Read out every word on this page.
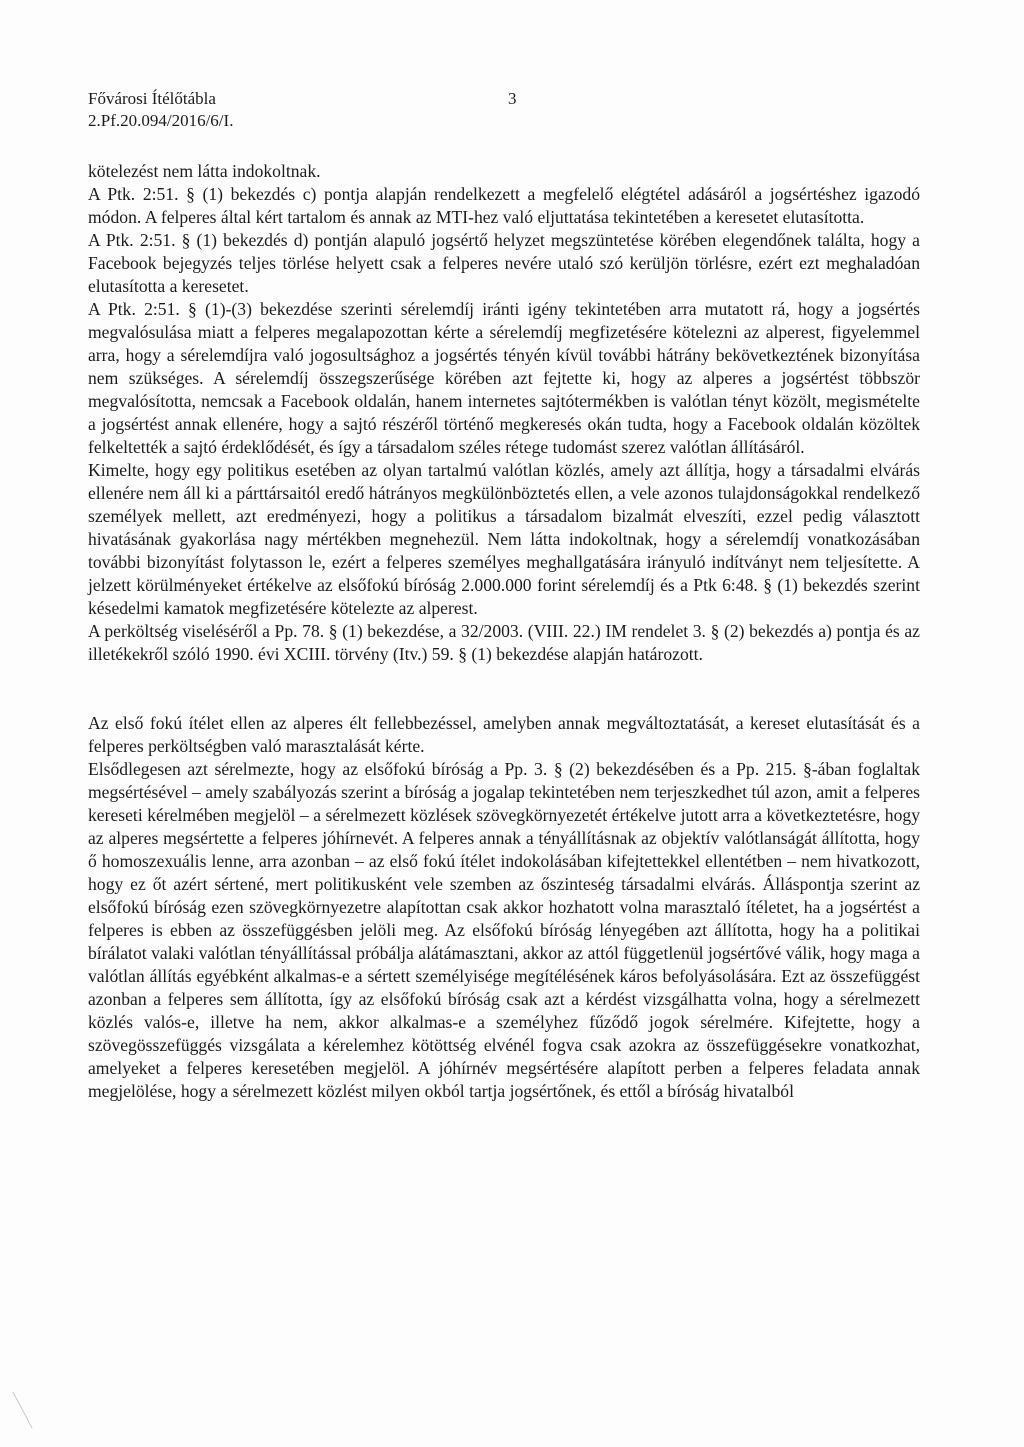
Fővárosi Ítélőtábla
2.Pf.20.094/2016/6/I.
3

kötelezést nem látta indokoltnak.

A Ptk. 2:51. § (1) bekezdés c) pontja alapján rendelkezett a megfelelő elégtétel adásáról a jogsértéshez igazodó módon. A felperes által kért tartalom és annak az MTI-hez való eljuttatása tekintetében a keresetet elutasította.

A Ptk. 2:51. § (1) bekezdés d) pontján alapuló jogsértő helyzet megszüntetése körében elegendőnek találta, hogy a Facebook bejegyzés teljes törlése helyett csak a felperes nevére utaló szó kerüljön törlésre, ezért ezt meghaladóan elutasította a keresetet.

A Ptk. 2:51. § (1)-(3) bekezdése szerinti sérelemdíj iránti igény tekintetében arra mutatott rá, hogy a jogsértés megvalósulása miatt a felperes megalapozottan kérte a sérelemdíj megfizetésére kötelezni az alperest, figyelemmel arra, hogy a sérelemdíjra való jogosultsághoz a jogsértés tényén kívül további hátrány bekövetkeztének bizonyítása nem szükséges. A sérelemdíj összegszerűsége körében azt fejtette ki, hogy az alperes a jogsértést többször megvalósította, nemcsak a Facebook oldalán, hanem internetes sajtótermékben is valótlan tényt közölt, megismételte a jogsértést annak ellenére, hogy a sajtó részéről történő megkeresés okán tudta, hogy a Facebook oldalán közöltek felkeltették a sajtó érdeklődését, és így a társadalom széles rétege tudomást szerez valótlan állításáról.

Kimelte, hogy egy politikus esetében az olyan tartalmú valótlan közlés, amely azt állítja, hogy a társadalmi elvárás ellenére nem áll ki a párttársaitól eredő hátrányos megkülönböztetés ellen, a vele azonos tulajdonságokkal rendelkező személyek mellett, azt eredményezi, hogy a politikus a társadalom bizalmát elveszíti, ezzel pedig választott hivatásának gyakorlása nagy mértékben megnehezül. Nem látta indokoltnak, hogy a sérelemdíj vonatkozásában további bizonyítást folytasson le, ezért a felperes személyes meghallgatására irányuló indítványt nem teljesítette. A jelzett körülményeket értékelve az elsőfokú bíróság 2.000.000 forint sérelemdíj és a Ptk 6:48. § (1) bekezdés szerint késedelmi kamatok megfizetésére kötelezte az alperest.

A perköltség viseléséről a Pp. 78. § (1) bekezdése, a 32/2003. (VIII. 22.) IM rendelet 3. § (2) bekezdés a) pontja és az illetékekről szóló 1990. évi XCIII. törvény (Itv.) 59. § (1) bekezdése alapján határozott.

Az első fokú ítélet ellen az alperes élt fellebbezéssel, amelyben annak megváltoztatását, a kereset elutasítását és a felperes perköltségben való marasztalását kérte.

Elsődlegesen azt sérelmezte, hogy az elsőfokú bíróság a Pp. 3. § (2) bekezdésében és a Pp. 215. §-ában foglaltak megsértésével – amely szabályozás szerint a bíróság a jogalap tekintetében nem terjeszkedhet túl azon, amit a felperes kereseti kérelmében megjelöl – a sérelmezett közlések szövegkörnyezetét értékelve jutott arra a következtetésre, hogy az alperes megsértette a felperes jóhírnevét. A felperes annak a tényállításnak az objektív valótlanságát állította, hogy ő homoszexuális lenne, arra azonban – az első fokú ítélet indokolásában kifejtettekkel ellentétben – nem hivatkozott, hogy ez őt azért sértené, mert politikusként vele szemben az őszinteség társadalmi elvárás. Álláspontja szerint az elsőfokú bíróság ezen szövegkörnyezetre alapítottan csak akkor hozhatott volna marasztaló ítéletet, ha a jogsértést a felperes is ebben az összefüggésben jelöli meg. Az elsőfokú bíróság lényegében azt állította, hogy ha a politikai bírálatot valaki valótlan tényállítással próbálja alátámasztani, akkor az attól függetlenül jogsértővé válik, hogy maga a valótlan állítás egyébként alkalmas-e a sértett személyisége megítélésének káros befolyásolására. Ezt az összefüggést azonban a felperes sem állította, így az elsőfokú bíróság csak azt a kérdést vizsgálhatta volna, hogy a sérelmezett közlés valós-e, illetve ha nem, akkor alkalmas-e a személyhez fűződő jogok sérelmére. Kifejtette, hogy a szövegösszefüggés vizsgálata a kérelemhez kötöttség elvénél fogva csak azokra az összefüggésekre vonatkozhat, amelyeket a felperes keresetében megjelöl. A jóhírnév megsértésére alapított perben a felperes feladata annak megjelölése, hogy a sérelmezett közlést milyen okból tartja jogsértőnek, és ettől a bíróság hivatalból
